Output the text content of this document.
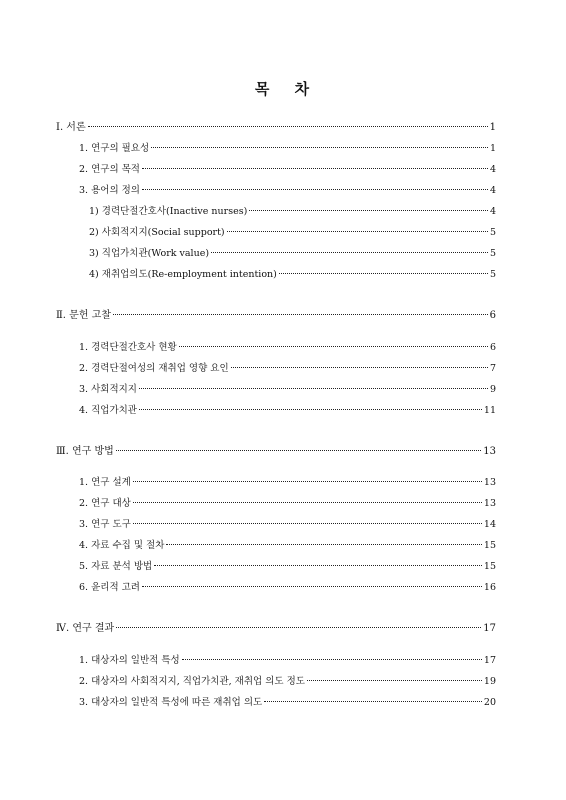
목 차
Ⅰ. 서론	1
1. 연구의 필요성	1
2. 연구의 목적	4
3. 용어의 정의	4
1) 경력단절간호사(Inactive nurses)	4
2) 사회적지지(Social support)	5
3) 직업가치관(Work value)	5
4) 재취업의도(Re-employment intention)	5
Ⅱ. 문헌 고찰	6
1. 경력단절간호사 현황	6
2. 경력단절여성의 재취업 영향 요인	7
3. 사회적지지	9
4. 직업가치관	11
Ⅲ. 연구 방법	13
1. 연구 설계	13
2. 연구 대상	13
3. 연구 도구	14
4. 자료 수집 및 절차	15
5. 자료 분석 방법	15
6. 윤리적 고려	16
Ⅳ. 연구 결과	17
1. 대상자의 일반적 특성	17
2. 대상자의 사회적지지, 직업가치관, 재취업 의도 정도	19
3. 대상자의 일반적 특성에 따른 재취업 의도	20
